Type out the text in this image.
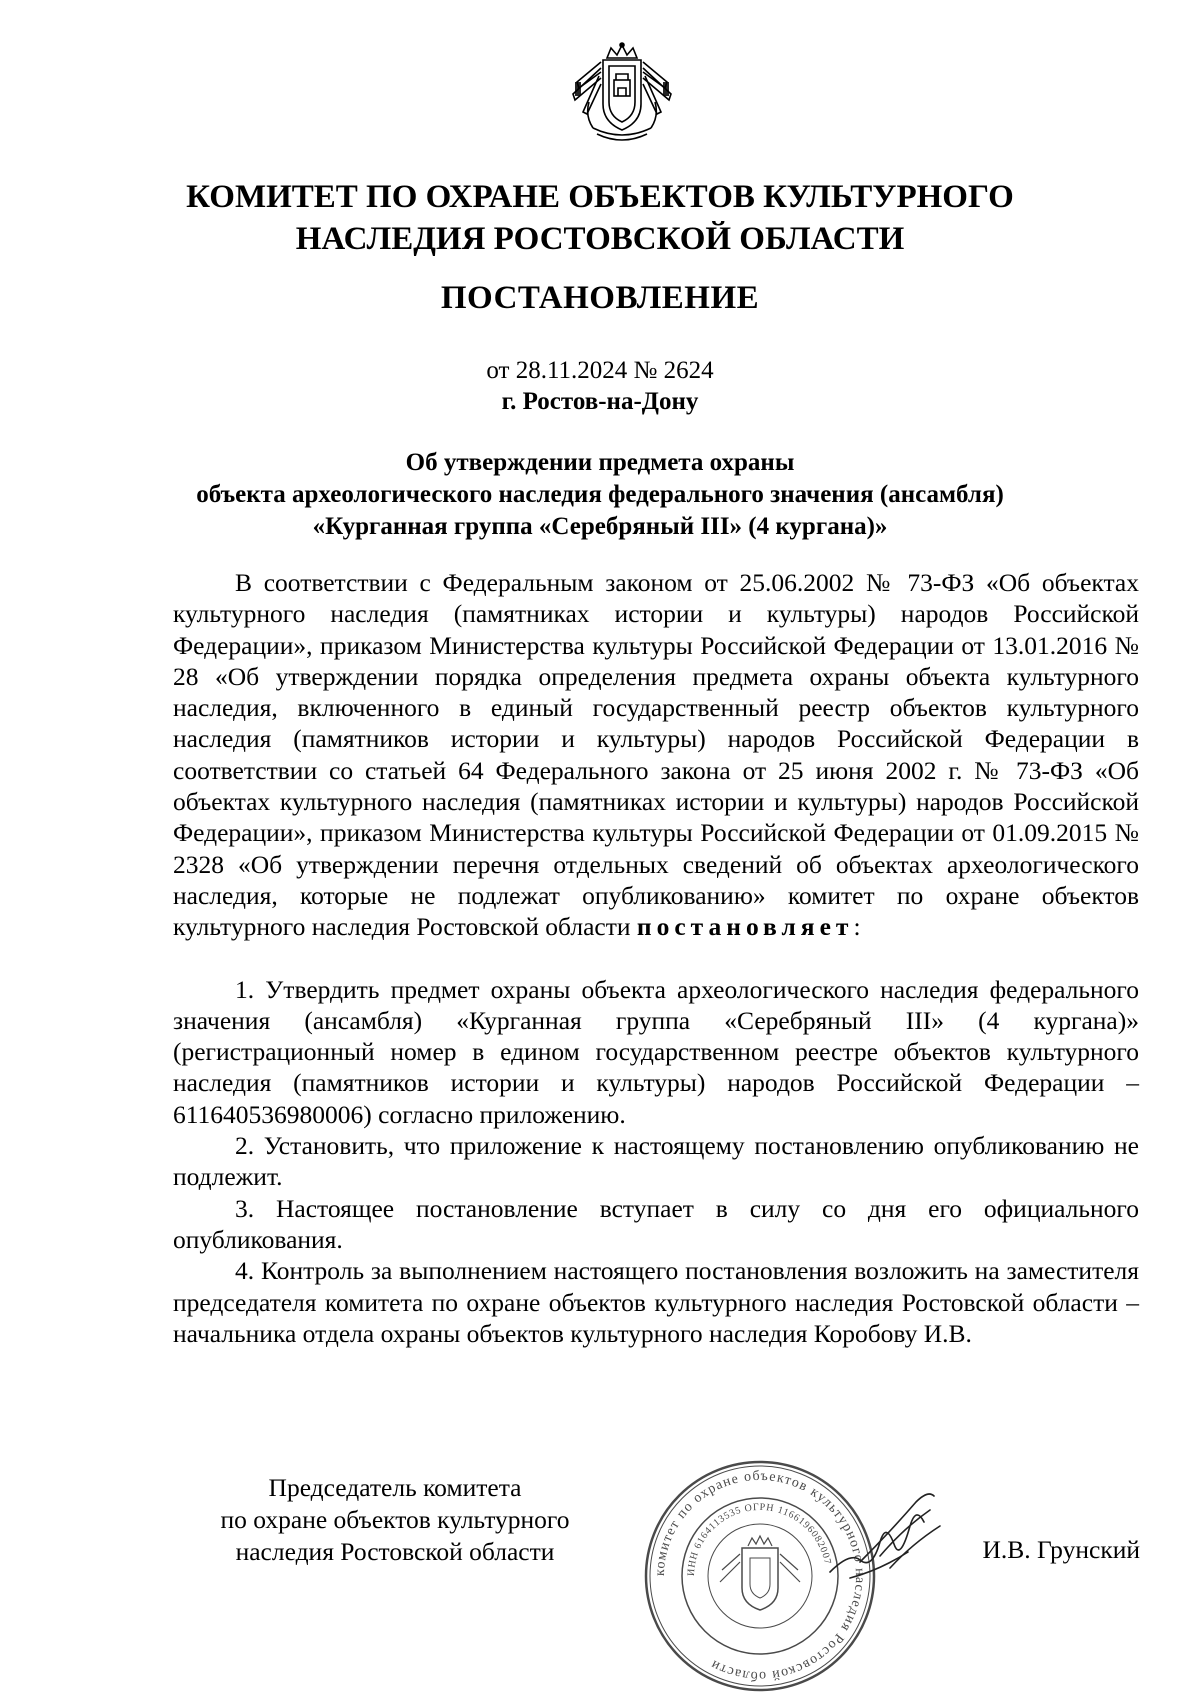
КОМИТЕТ ПО ОХРАНЕ ОБЪЕКТОВ КУЛЬТУРНОГО
НАСЛЕДИЯ РОСТОВСКОЙ ОБЛАСТИ
ПОСТАНОВЛЕНИЕ
от 28.11.2024 № 2624
г. Ростов-на-Дону
Об утверждении предмета охраны
объекта археологического наследия федерального значения (ансамбля)
«Курганная группа «Серебряный III» (4 кургана)»

В соответствии с Федеральным законом от 25.06.2002 № 73-ФЗ «Об объектах культурного наследия (памятниках истории и культуры) народов Российской Федерации», приказом Министерства культуры Российской Федерации от 13.01.2016 № 28 «Об утверждении порядка определения предмета охраны объекта культурного наследия, включенного в единый государственный реестр объектов культурного наследия (памятников истории и культуры) народов Российской Федерации в соответствии со статьей 64 Федерального закона от 25 июня 2002 г. № 73-ФЗ «Об объектах культурного наследия (памятниках истории и культуры) народов Российской Федерации», приказом Министерства культуры Российской Федерации от 01.09.2015 № 2328 «Об утверждении перечня отдельных сведений об объектах археологического наследия, которые не подлежат опубликованию» комитет по охране объектов культурного наследия Ростовской области постановляет:

1. Утвердить предмет охраны объекта археологического наследия федерального значения (ансамбля) «Курганная группа «Серебряный III» (4 кургана)» (регистрационный номер в едином государственном реестре объектов культурного наследия (памятников истории и культуры) народов Российской Федерации – 611640536980006) согласно приложению.

2. Установить, что приложение к настоящему постановлению опубликованию не подлежит.

3. Настоящее постановление вступает в силу со дня его официального опубликования.

4. Контроль за выполнением настоящего постановления возложить на заместителя председателя комитета по охране объектов культурного наследия Ростовской области – начальника отдела охраны объектов культурного наследия Коробову И.В.

Председатель комитета
по охране объектов культурного
наследия Ростовской области
комитет по охране объектов культурного наследия Ростовской области
ИНН 6164113535 ОГРН 1166196082007	И.В. Грунский
